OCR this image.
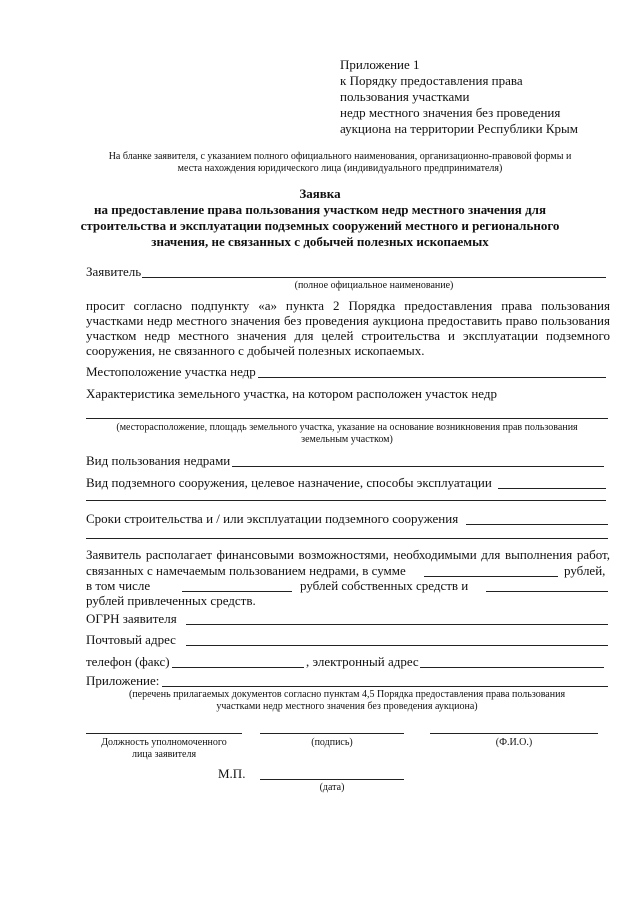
Приложение 1
к Порядку предоставления права
пользования участками
недр местного значения без проведения
аукциона на территории Республики Крым
На бланке заявителя, с указанием полного официального наименования, организационно-правовой формы и
места нахождения юридического лица (индивидуального предпринимателя)
Заявка
на предоставление права пользования участком недр местного значения для
строительства и эксплуатации подземных сооружений местного и регионального
значения, не связанных с добычей полезных ископаемых
Заявитель
(полное официальное наименование)
просит согласно подпункту «а» пункта 2 Порядка предоставления права пользования
участками недр местного значения без проведения аукциона предоставить право пользования
участком недр местного значения для целей строительства и эксплуатации подземного
сооружения, не связанного с добычей полезных ископаемых.
Местоположение участка недр
Характеристика земельного участка, на котором расположен участок недр
(месторасположение, площадь земельного участка, указание на основание возникновения прав пользования
земельным участком)
Вид пользования недрами
Вид подземного сооружения, целевое назначение, способы эксплуатации
Сроки строительства и / или эксплуатации подземного сооружения
Заявитель располагает финансовыми возможностями, необходимыми для выполнения работ,
связанных с намечаемым пользованием недрами, в сумме	рублей,
в том числе	рублей собственных средств и
рублей привлеченных средств.
ОГРН заявителя
Почтовый адрес
телефон (факс)	, электронный адрес
Приложение:
(перечень прилагаемых документов согласно пунктам 4,5 Порядка предоставления права пользования
участками недр местного значения без проведения аукциона)
Должность уполномоченного
лица заявителя
(подпись)	(Ф.И.О.)
М.П.
(дата)
